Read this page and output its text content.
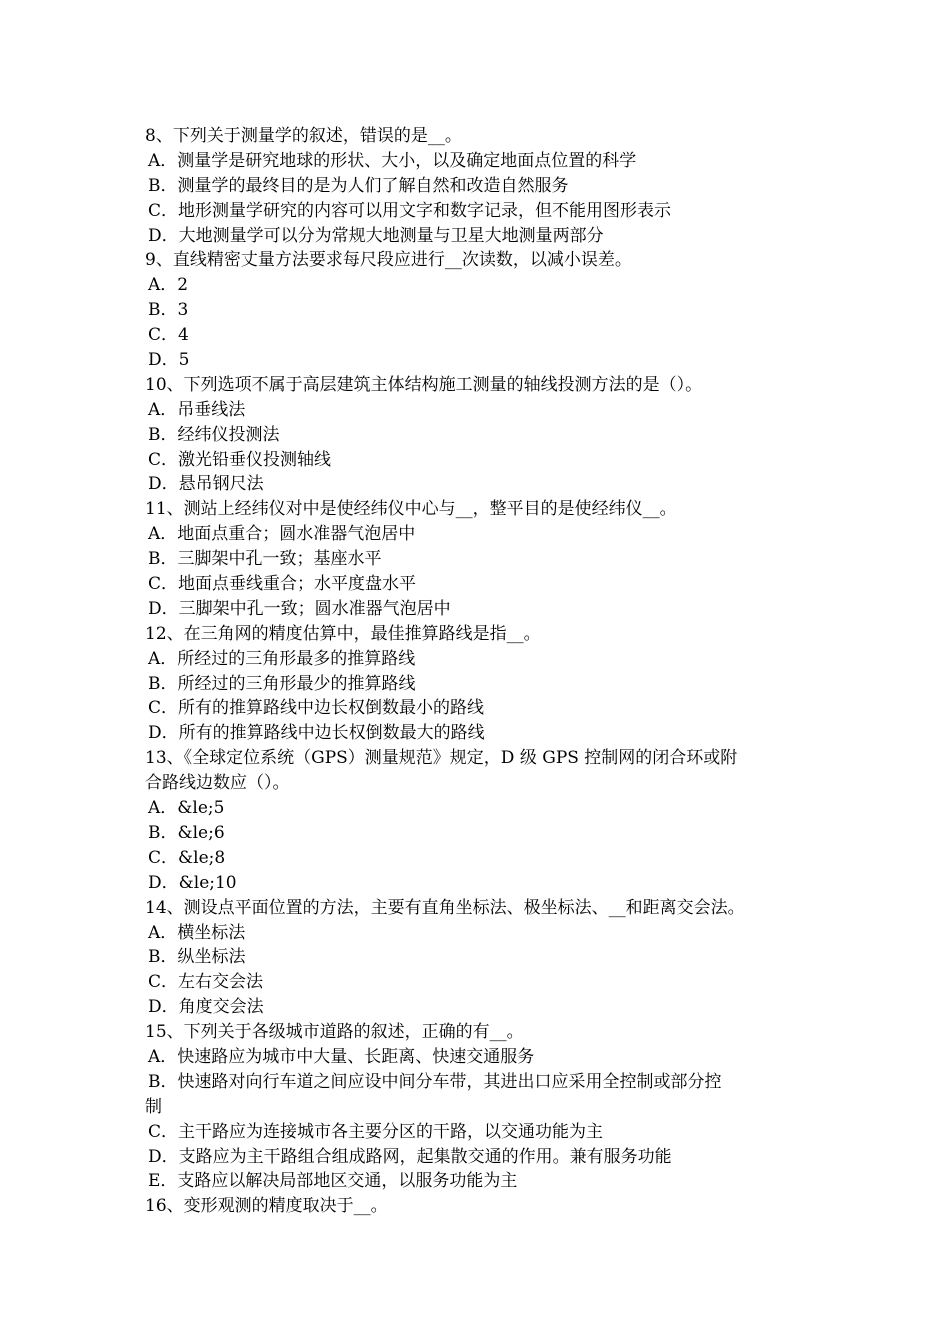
8、下列关于测量学的叙述，错误的是__。
A．测量学是研究地球的形状、大小，以及确定地面点位置的科学
B．测量学的最终目的是为人们了解自然和改造自然服务
C．地形测量学研究的内容可以用文字和数字记录，但不能用图形表示
D．大地测量学可以分为常规大地测量与卫星大地测量两部分
9、直线精密丈量方法要求每尺段应进行__次读数，以减小误差。
A．2
B．3
C．4
D．5
10、下列选项不属于高层建筑主体结构施工测量的轴线投测方法的是（）。
A．吊垂线法
B．经纬仪投测法
C．激光铅垂仪投测轴线
D．悬吊钢尺法
11、测站上经纬仪对中是使经纬仪中心与__，整平目的是使经纬仪__。
A．地面点重合；圆水准器气泡居中
B．三脚架中孔一致；基座水平
C．地面点垂线重合；水平度盘水平
D．三脚架中孔一致；圆水准器气泡居中
12、在三角网的精度估算中，最佳推算路线是指__。
A．所经过的三角形最多的推算路线
B．所经过的三角形最少的推算路线
C．所有的推算路线中边长权倒数最小的路线
D．所有的推算路线中边长权倒数最大的路线
13、《全球定位系统（GPS）测量规范》规定，D 级 GPS 控制网的闭合环或附
合路线边数应（）。
A．&le;5
B．&le;6
C．&le;8
D．&le;10
14、测设点平面位置的方法，主要有直角坐标法、极坐标法、__和距离交会法。
A．横坐标法
B．纵坐标法
C．左右交会法
D．角度交会法
15、下列关于各级城市道路的叙述，正确的有__。
A．快速路应为城市中大量、长距离、快速交通服务
B．快速路对向行车道之间应设中间分车带，其进出口应采用全控制或部分控
制
C．主干路应为连接城市各主要分区的干路，以交通功能为主
D．支路应为主干路组合组成路网，起集散交通的作用。兼有服务功能
E．支路应以解决局部地区交通，以服务功能为主
16、变形观测的精度取决于__。
